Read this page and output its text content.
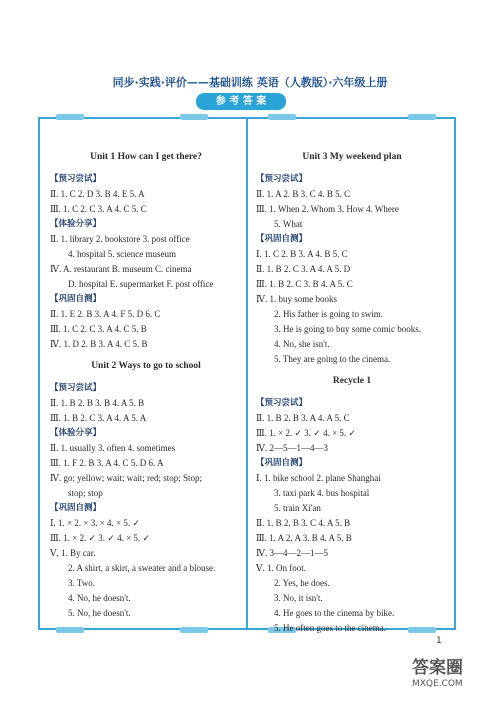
同步·实践·评价——基础训练 英语（人教版）·六年级上册
参 考 答 案
Unit 1 How can I get there?
【预习尝试】
Ⅱ. 1. C 2. D 3. B 4. E 5. A
Ⅲ. 1. C 2. C 3. A 4. C 5. C
【体验分享】
Ⅱ. 1. library 2. bookstore 3. post office
4. hospital 5. science museum
Ⅳ. A. restaurant B. museum C. cinema
D. hospital E. supermarket F. post office
【巩固自测】
Ⅱ. 1. E 2. B 3. A 4. F 5. D 6. C
Ⅲ. 1. C 2. C 3. A 4. C 5. B
Ⅳ. 1. D 2. B 3. A 4. C 5. B
Unit 2 Ways to go to school
【预习尝试】
Ⅱ. 1. B 2. B 3. B 4. A 5. B
Ⅲ. 1. B 2. C 3. A 4. A 5. A
【体验分享】
Ⅱ. 1. usually 3. often 4. sometimes
Ⅲ. 1. F 2. B 3. A 4. C 5. D 6. A
Ⅳ. go; yellow; wait; wait; red; stop; Stop;
stop; stop
【巩固自测】
Ⅰ. 1. × 2. × 3. × 4. × 5. ✓
Ⅲ. 1. × 2. ✓ 3. ✓ 4. × 5. ✓
Ⅴ. 1. By car.
2. A shirt, a skirt, a sweater and a blouse.
3. Two.
4. No, he doesn't.
5. No, he doesn't.
Unit 3 My weekend plan
【预习尝试】
Ⅱ. 1. A 2. B 3. C 4. B 5. C
Ⅲ. 1. When 2. Whom 3. How 4. Where
5. What
【巩固自测】
Ⅰ. 1. C 2. B 3. A 4. B 5. C
Ⅱ. 1. B 2. C 3. A 4. A 5. D
Ⅲ. 1. B 2. C 3. B 4. A 5. C
Ⅳ. 1. buy some books
2. His father is going to swim.
3. He is going to buy some comic books.
4. No, she isn't.
5. They are going to the cinema.
Recycle 1
【预习尝试】
Ⅱ. 1. B 2. B 3. A 4. A 5. C
Ⅲ. 1. × 2. ✓ 3. ✓ 4. × 5. ✓
Ⅳ. 2—5—1—4—3
【巩固自测】
Ⅰ. 1. bike school 2. plane Shanghai
3. taxi park 4. bus hospital
5. train Xi'an
Ⅱ. 1. B 2. B 3. C 4. A 5. B
Ⅲ. 1. A 2. A 3. B 4. A 5. B
Ⅳ. 3—4—2—1—5
Ⅴ. 1. On foot.
2. Yes, he does.
3. No, it isn't.
4. He goes to the cinema by bike.
5. He often goes to the cinema.
1
答案圈
MXQE.COM
